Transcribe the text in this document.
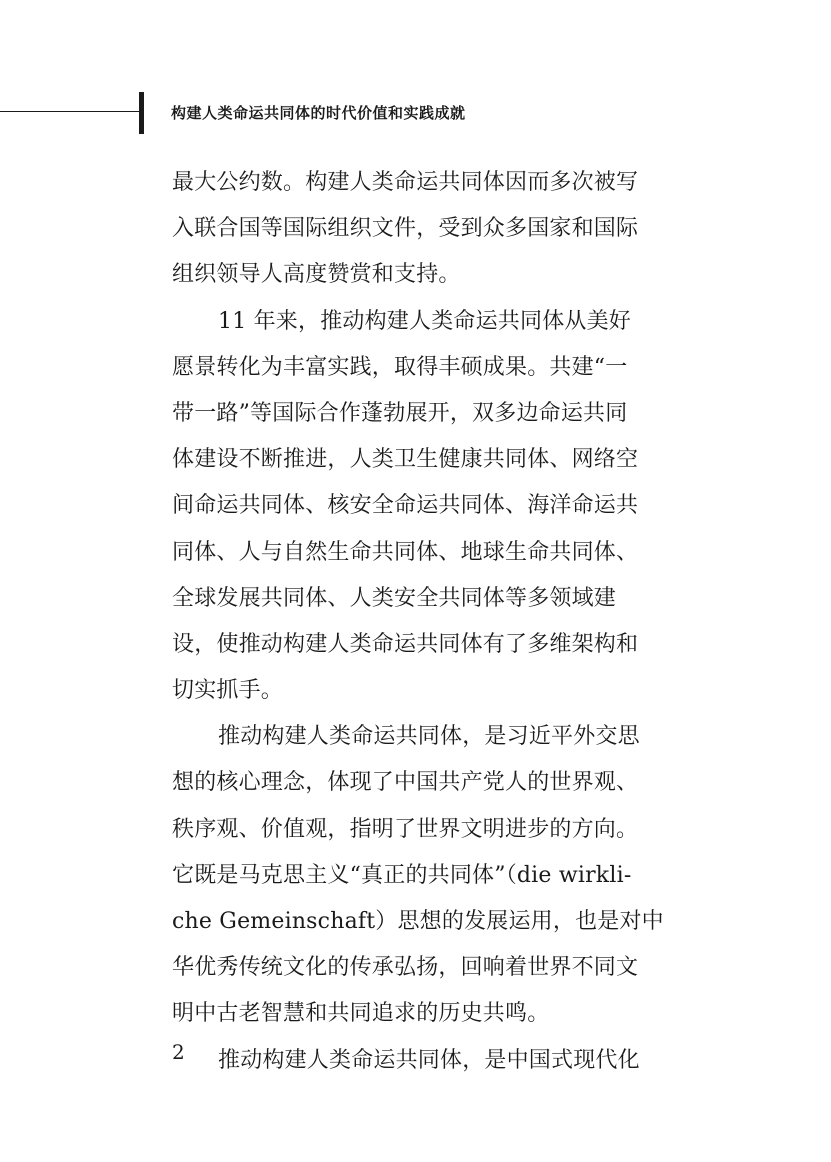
构建人类命运共同体的时代价值和实践成就
最大公约数。构建人类命运共同体因而多次被写
入联合国等国际组织文件，受到众多国家和国际
组织领导人高度赞赏和支持。
11 年来，推动构建人类命运共同体从美好
愿景转化为丰富实践，取得丰硕成果。共建“一
带一路”等国际合作蓬勃展开，双多边命运共同
体建设不断推进，人类卫生健康共同体、网络空
间命运共同体、核安全命运共同体、海洋命运共
同体、人与自然生命共同体、地球生命共同体、
全球发展共同体、人类安全共同体等多领域建
设，使推动构建人类命运共同体有了多维架构和
切实抓手。
推动构建人类命运共同体，是习近平外交思
想的核心理念，体现了中国共产党人的世界观、
秩序观、价值观，指明了世界文明进步的方向。
它既是马克思主义“真正的共同体”（die wirkli-
che Gemeinschaft）思想的发展运用，也是对中
华优秀传统文化的传承弘扬，回响着世界不同文
明中古老智慧和共同追求的历史共鸣。
推动构建人类命运共同体，是中国式现代化
2
